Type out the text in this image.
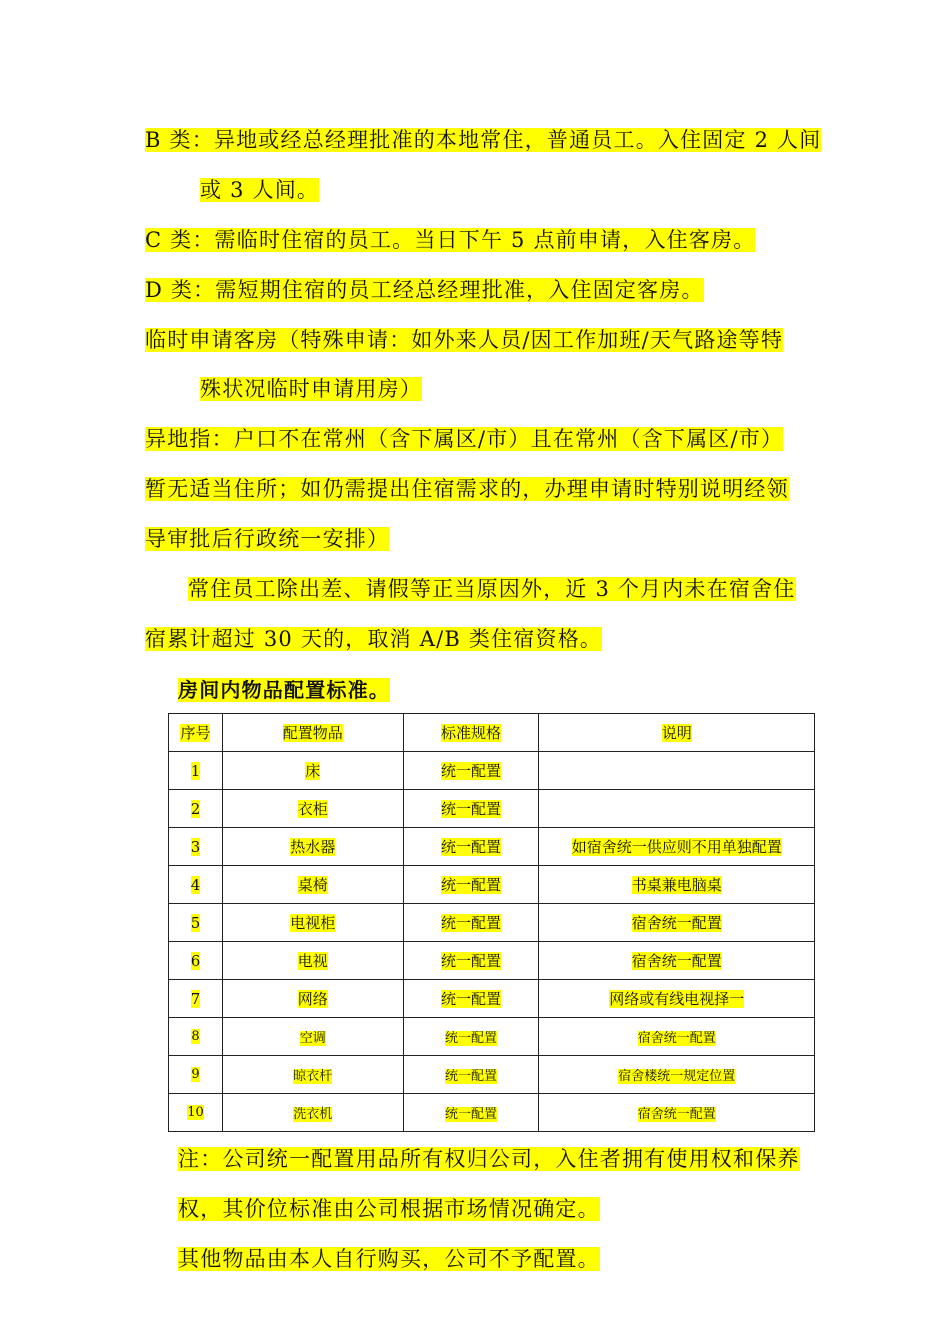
B 类：异地或经总经理批准的本地常住，普通员工。入住固定 2 人间
或 3 人间。
C 类：需临时住宿的员工。当日下午 5 点前申请，入住客房。
D 类：需短期住宿的员工经总经理批准，入住固定客房。
临时申请客房（特殊申请：如外来人员/因工作加班/天气路途等特
殊状况临时申请用房）
异地指：户口不在常州（含下属区/市）且在常州（含下属区/市）
暂无适当住所；如仍需提出住宿需求的，办理申请时特别说明经领
导审批后行政统一安排）
常住员工除出差、请假等正当原因外，近 3 个月内未在宿舍住
宿累计超过 30 天的，取消 A/B 类住宿资格。
房间内物品配置标准。
序号	配置物品	标准规格	说明
1	床	统一配置	
2	衣柜	统一配置	
3	热水器	统一配置	如宿舍统一供应则不用单独配置
4	桌椅	统一配置	书桌兼电脑桌
5	电视柜	统一配置	宿舍统一配置
6	电视	统一配置	宿舍统一配置
7	网络	统一配置	网络或有线电视择一
8	空调	统一配置	宿舍统一配置
9	晾衣杆	统一配置	宿舍楼统一规定位置
10	洗衣机	统一配置	宿舍统一配置
注：公司统一配置用品所有权归公司，入住者拥有使用权和保养
权，其价位标准由公司根据市场情况确定。
其他物品由本人自行购买，公司不予配置。
